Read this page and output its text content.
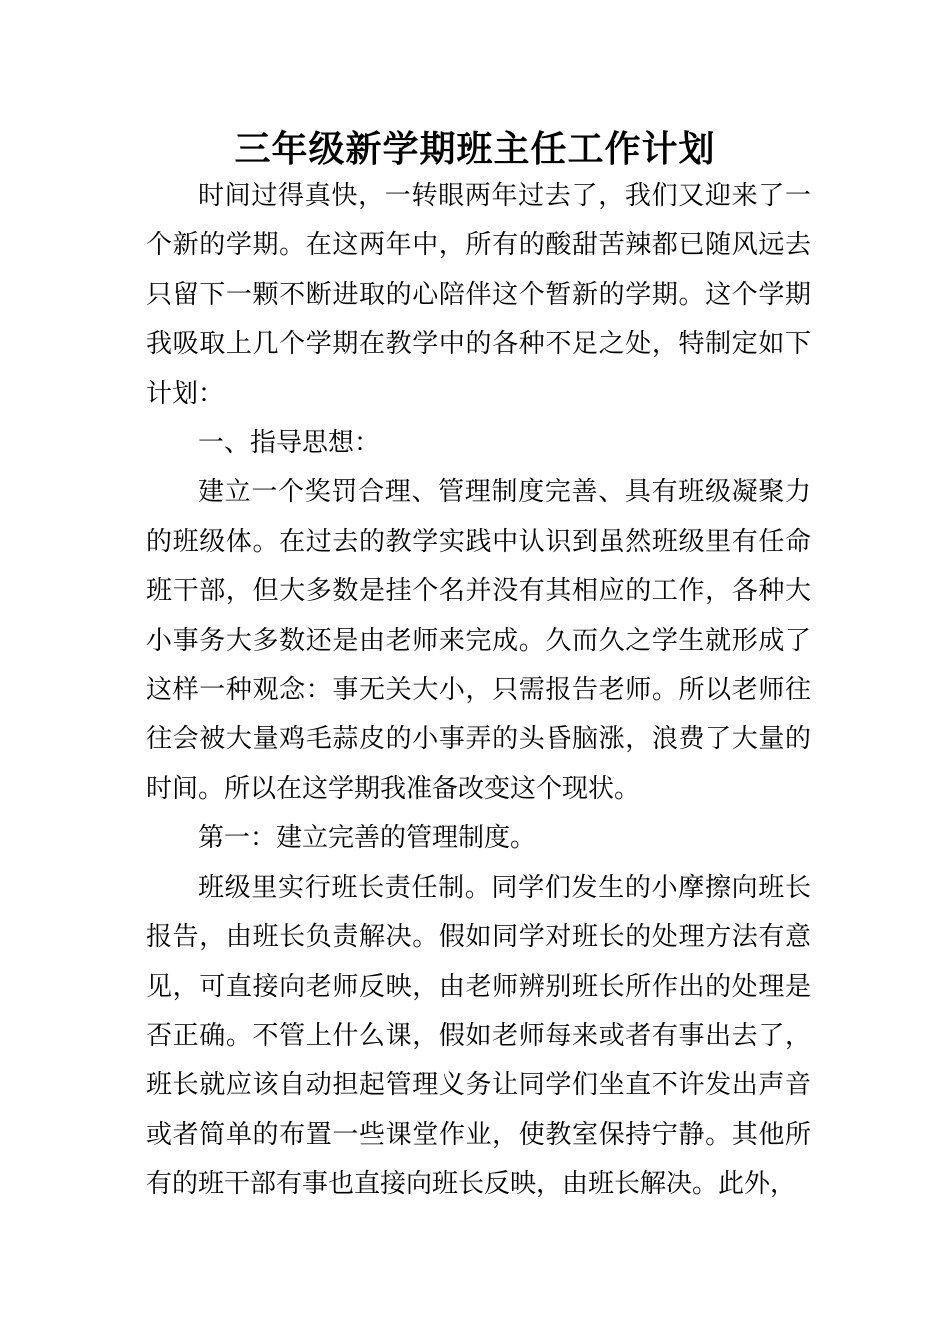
三年级新学期班主任工作计划

时间过得真快，一转眼两年过去了，我们又迎来了一个新的学期。在这两年中，所有的酸甜苦辣都已随风远去只留下一颗不断进取的心陪伴这个暂新的学期。这个学期我吸取上几个学期在教学中的各种不足之处，特制定如下计划：

一、指导思想：

建立一个奖罚合理、管理制度完善、具有班级凝聚力的班级体。在过去的教学实践中认识到虽然班级里有任命班干部，但大多数是挂个名并没有其相应的工作，各种大小事务大多数还是由老师来完成。久而久之学生就形成了这样一种观念：事无关大小，只需报告老师。所以老师往往会被大量鸡毛蒜皮的小事弄的头昏脑涨，浪费了大量的时间。所以在这学期我准备改变这个现状。

第一：建立完善的管理制度。

班级里实行班长责任制。同学们发生的小摩擦向班长报告，由班长负责解决。假如同学对班长的处理方法有意见，可直接向老师反映，由老师辨别班长所作出的处理是否正确。不管上什么课，假如老师每来或者有事出去了，班长就应该自动担起管理义务让同学们坐直不许发出声音或者简单的布置一些课堂作业，使教室保持宁静。其他所有的班干部有事也直接向班长反映，由班长解决。此外，
